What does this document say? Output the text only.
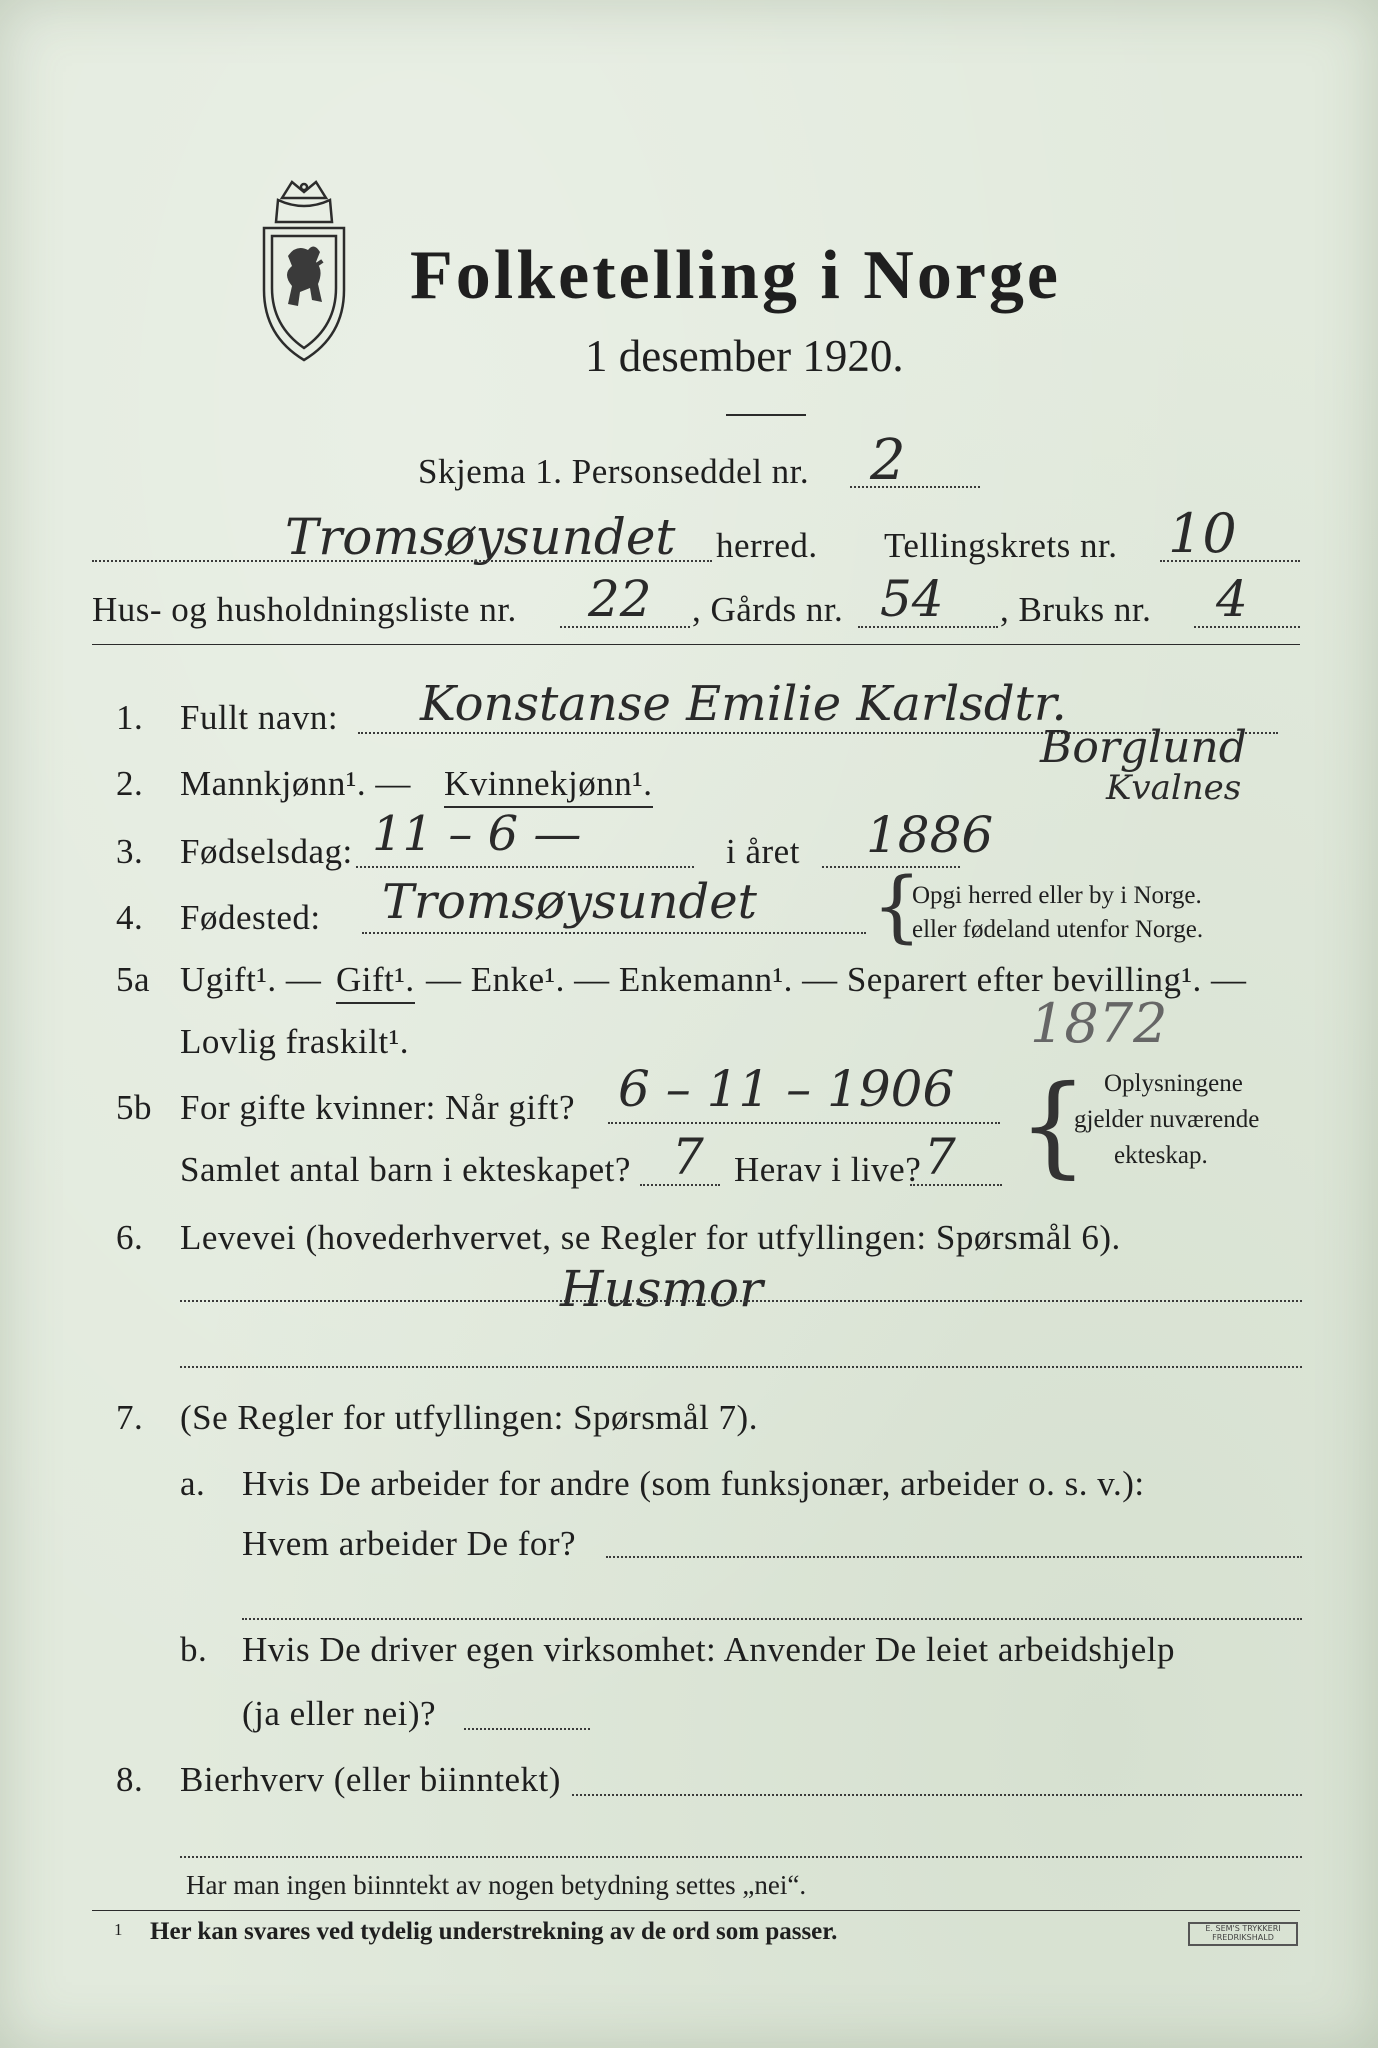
Folketelling i Norge
1 desember 1920.
Skjema 1. Personseddel nr. 2
Tromsøysundet herred. Tellingskrets nr. 10
Hus- og husholdningsliste nr. 22 , Gårds nr. 54 , Bruks nr. 4
1. Fullt navn: Konstanse Emilie Karlsdtr.
Borglund
Kvalnes
2. Mannkjønn¹. — Kvinnekjønn¹.
3. Fødselsdag: 11 – 6 —	i året 1886
4. Fødested: Tromsøysundet {
Opgi herred eller by i Norge.
eller fødeland utenfor Norge.
5a Ugift¹. — Gift¹. — Enke¹. — Enkemann¹. — Separert efter bevilling¹. —
Lovlig fraskilt¹.	1872
5b For gifte kvinner: Når gift? 6 – 11 – 1906
Samlet antal barn i ekteskapet? 7 Herav i live? 7 { Oplysningene
gjelder nuværende
ekteskap.
6. Levevei (hovederhvervet, se Regler for utfyllingen: Spørsmål 6).
Husmor
7. (Se Regler for utfyllingen: Spørsmål 7).
a. Hvis De arbeider for andre (som funksjonær, arbeider o. s. v.):
Hvem arbeider De for?
b. Hvis De driver egen virksomhet: Anvender De leiet arbeidshjelp
(ja eller nei)?
8. Bierhverv (eller biinntekt)
Har man ingen biinntekt av nogen betydning settes „nei“.
1 Her kan svares ved tydelig understrekning av de ord som passer.	E. SEM'S TRYKKERI FREDRIKSHALD
